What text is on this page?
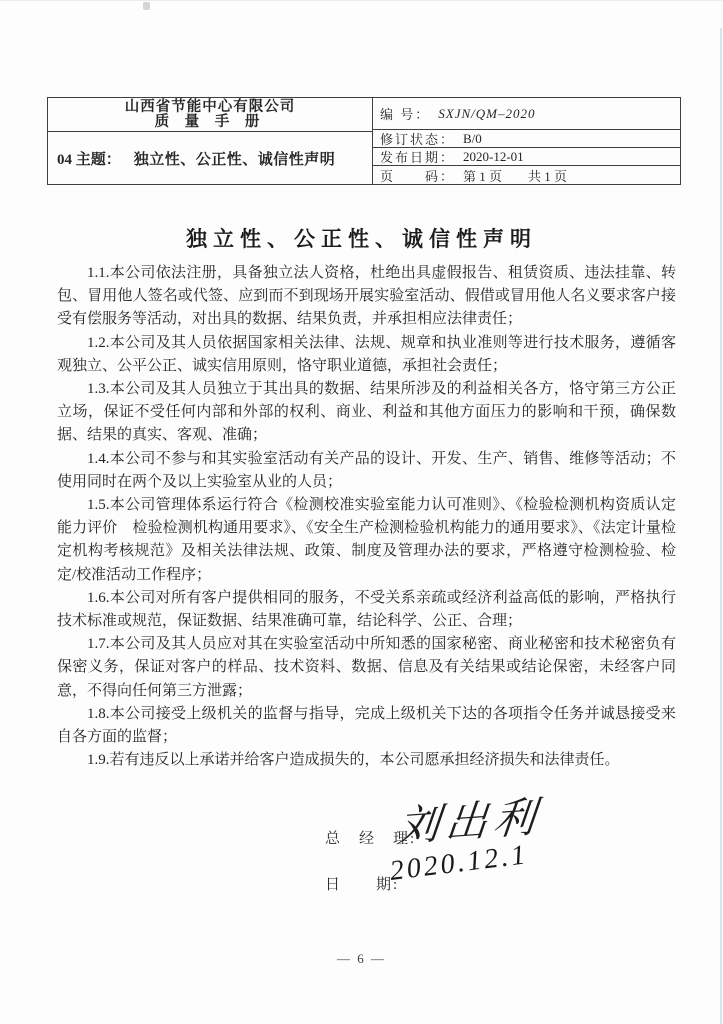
山西省节能中心有限公司
质 量 手 册
04 主题： 独立性、公正性、诚信性声明
编 号： SXJN/QM–2020
修订状态： B/0
发布日期： 2020-12-01
页　　码： 第 1 页　　共 1 页
独立性、公正性、诚信性声明

1.1.本公司依法注册，具备独立法人资格，杜绝出具虚假报告、租赁资质、违法挂靠、转包、冒用他人签名或代签、应到而不到现场开展实验室活动、假借或冒用他人名义要求客户接受有偿服务等活动，对出具的数据、结果负责，并承担相应法律责任；

1.2.本公司及其人员依据国家相关法律、法规、规章和执业准则等进行技术服务，遵循客观独立、公平公正、诚实信用原则，恪守职业道德，承担社会责任；

1.3.本公司及其人员独立于其出具的数据、结果所涉及的利益相关各方，恪守第三方公正立场，保证不受任何内部和外部的权利、商业、利益和其他方面压力的影响和干预，确保数据、结果的真实、客观、准确；

1.4.本公司不参与和其实验室活动有关产品的设计、开发、生产、销售、维修等活动；不使用同时在两个及以上实验室从业的人员；

1.5.本公司管理体系运行符合《检测校准实验室能力认可准则》、《检验检测机构资质认定能力评价　检验检测机构通用要求》、《安全生产检测检验机构能力的通用要求》、《法定计量检定机构考核规范》及相关法律法规、政策、制度及管理办法的要求，严格遵守检测检验、检定/校准活动工作程序；

1.6.本公司对所有客户提供相同的服务，不受关系亲疏或经济利益高低的影响，严格执行技术标准或规范，保证数据、结果准确可靠，结论科学、公正、合理；

1.7.本公司及其人员应对其在实验室活动中所知悉的国家秘密、商业秘密和技术秘密负有保密义务，保证对客户的样品、技术资料、数据、信息及有关结果或结论保密，未经客户同意，不得向任何第三方泄露；

1.8.本公司接受上级机关的监督与指导，完成上级机关下达的各项指令任务并诚恳接受来自各方面的监督；

1.9.若有违反以上承诺并给客户造成损失的，本公司愿承担经济损失和法律责任。

总　经　理:
刘出利
日　　期:
2020.12.1
— 6 —
